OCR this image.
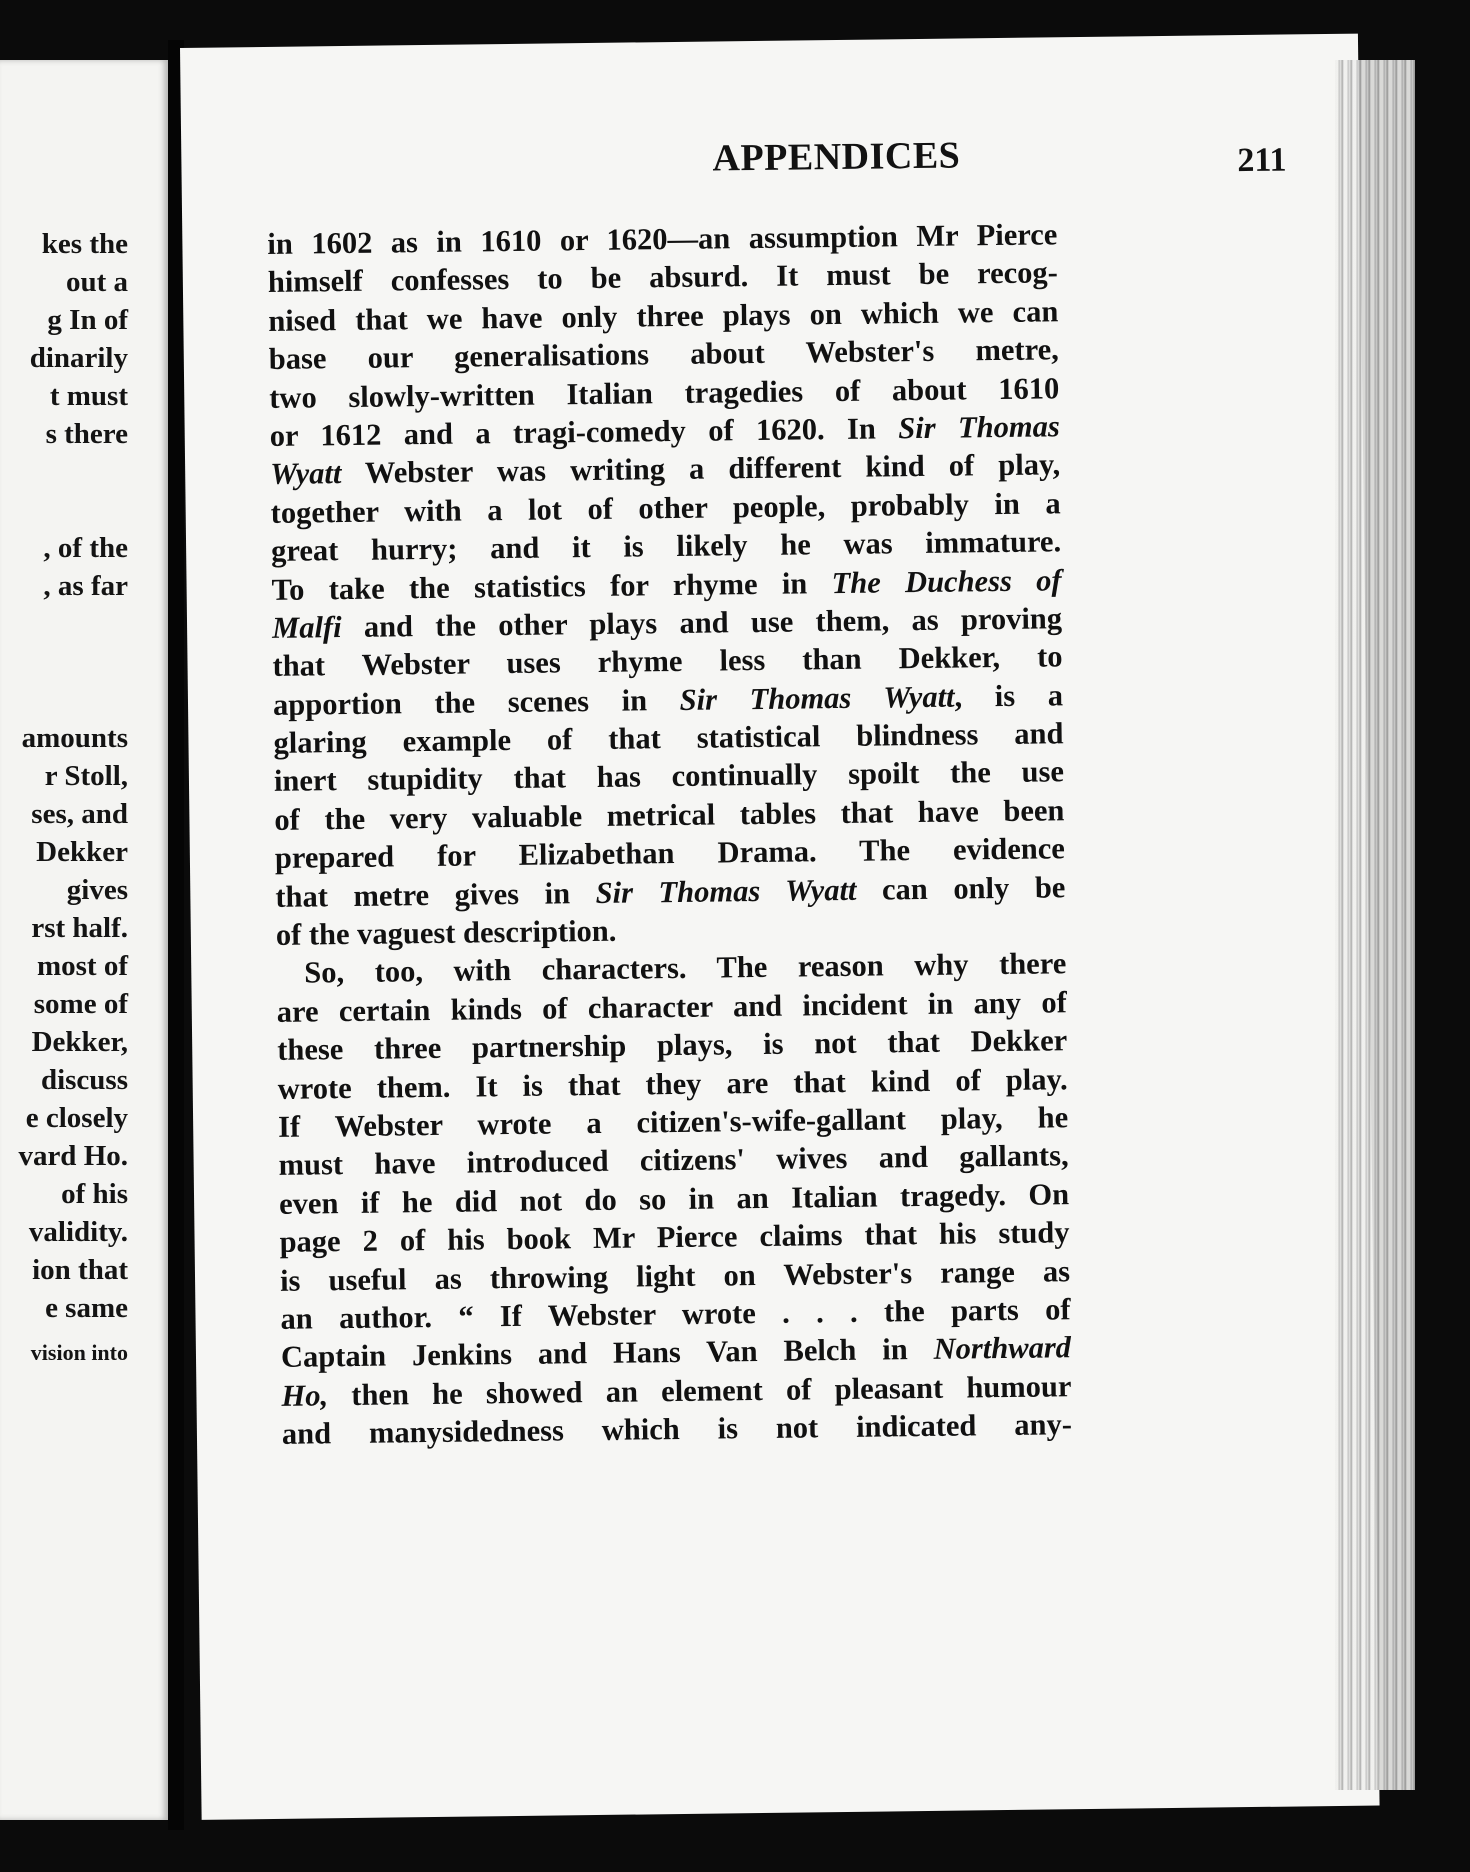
kes the
out a
g In of
dinarily
t must
s there
, of the
, as far
amounts
r Stoll,
ses, and
Dekker
gives
rst half.
most of
some of
Dekker,
discuss
e closely
vard Ho.
of his
validity.
ion that
e same
vision into
APPENDICES	211
in 1602 as in 1610 or 1620—an assumption Mr Pierce
himself confesses to be absurd. It must be recog-
nised that we have only three plays on which we can
base our generalisations about Webster's metre,
two slowly-written Italian tragedies of about 1610
or 1612 and a tragi-comedy of 1620. In Sir Thomas
Wyatt Webster was writing a different kind of play,
together with a lot of other people, probably in a
great hurry; and it is likely he was immature.
To take the statistics for rhyme in The Duchess of
Malfi and the other plays and use them, as proving
that Webster uses rhyme less than Dekker, to
apportion the scenes in Sir Thomas Wyatt, is a
glaring example of that statistical blindness and
inert stupidity that has continually spoilt the use
of the very valuable metrical tables that have been
prepared for Elizabethan Drama. The evidence
that metre gives in Sir Thomas Wyatt can only be
of the vaguest description.
So, too, with characters. The reason why there
are certain kinds of character and incident in any of
these three partnership plays, is not that Dekker
wrote them. It is that they are that kind of play.
If Webster wrote a citizen's-wife-gallant play, he
must have introduced citizens' wives and gallants,
even if he did not do so in an Italian tragedy. On
page 2 of his book Mr Pierce claims that his study
is useful as throwing light on Webster's range as
an author. “ If Webster wrote . . . the parts of
Captain Jenkins and Hans Van Belch in Northward
Ho, then he showed an element of pleasant humour
and manysidedness which is not indicated any-
